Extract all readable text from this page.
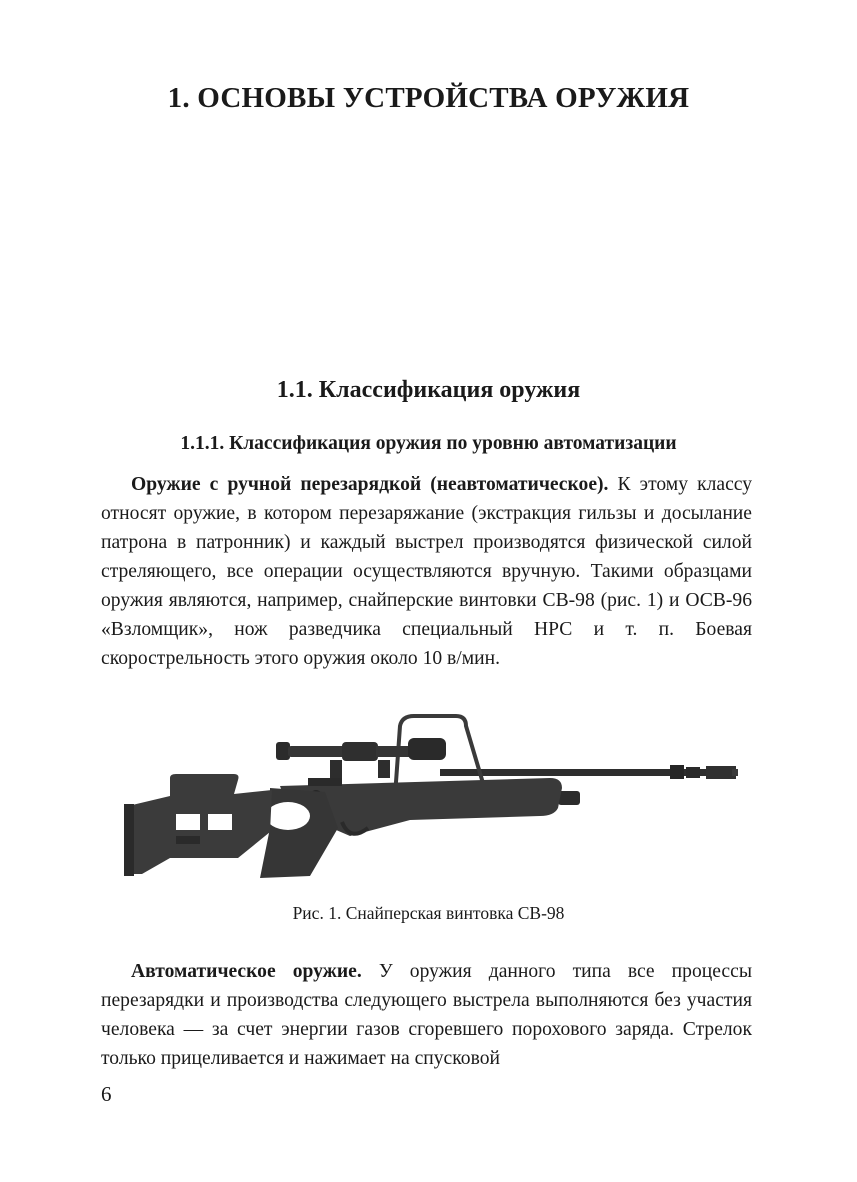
1. ОСНОВЫ УСТРОЙСТВА ОРУЖИЯ
1.1. Классификация оружия
1.1.1. Классификация оружия по уровню автоматизации

Оружие с ручной перезарядкой (неавтоматическое). К этому классу относят оружие, в котором перезаряжание (экстракция гильзы и досылание патрона в патронник) и каждый выстрел производятся физической силой стреляющего, все операции осуществляются вручную. Такими образцами оружия являются, например, снайперские винтовки СВ-98 (рис. 1) и ОСВ-96 «Взломщик», нож разведчика специальный НРС и т. п. Боевая скорострельность этого оружия около 10 в/мин.

Рис. 1. Снайперская винтовка СВ-98

Автоматическое оружие. У оружия данного типа все процессы перезарядки и производства следующего выстрела выполняются без участия человека — за счет энергии газов сгоревшего порохового заряда. Стрелок только прицеливается и нажимает на спусковой

6
